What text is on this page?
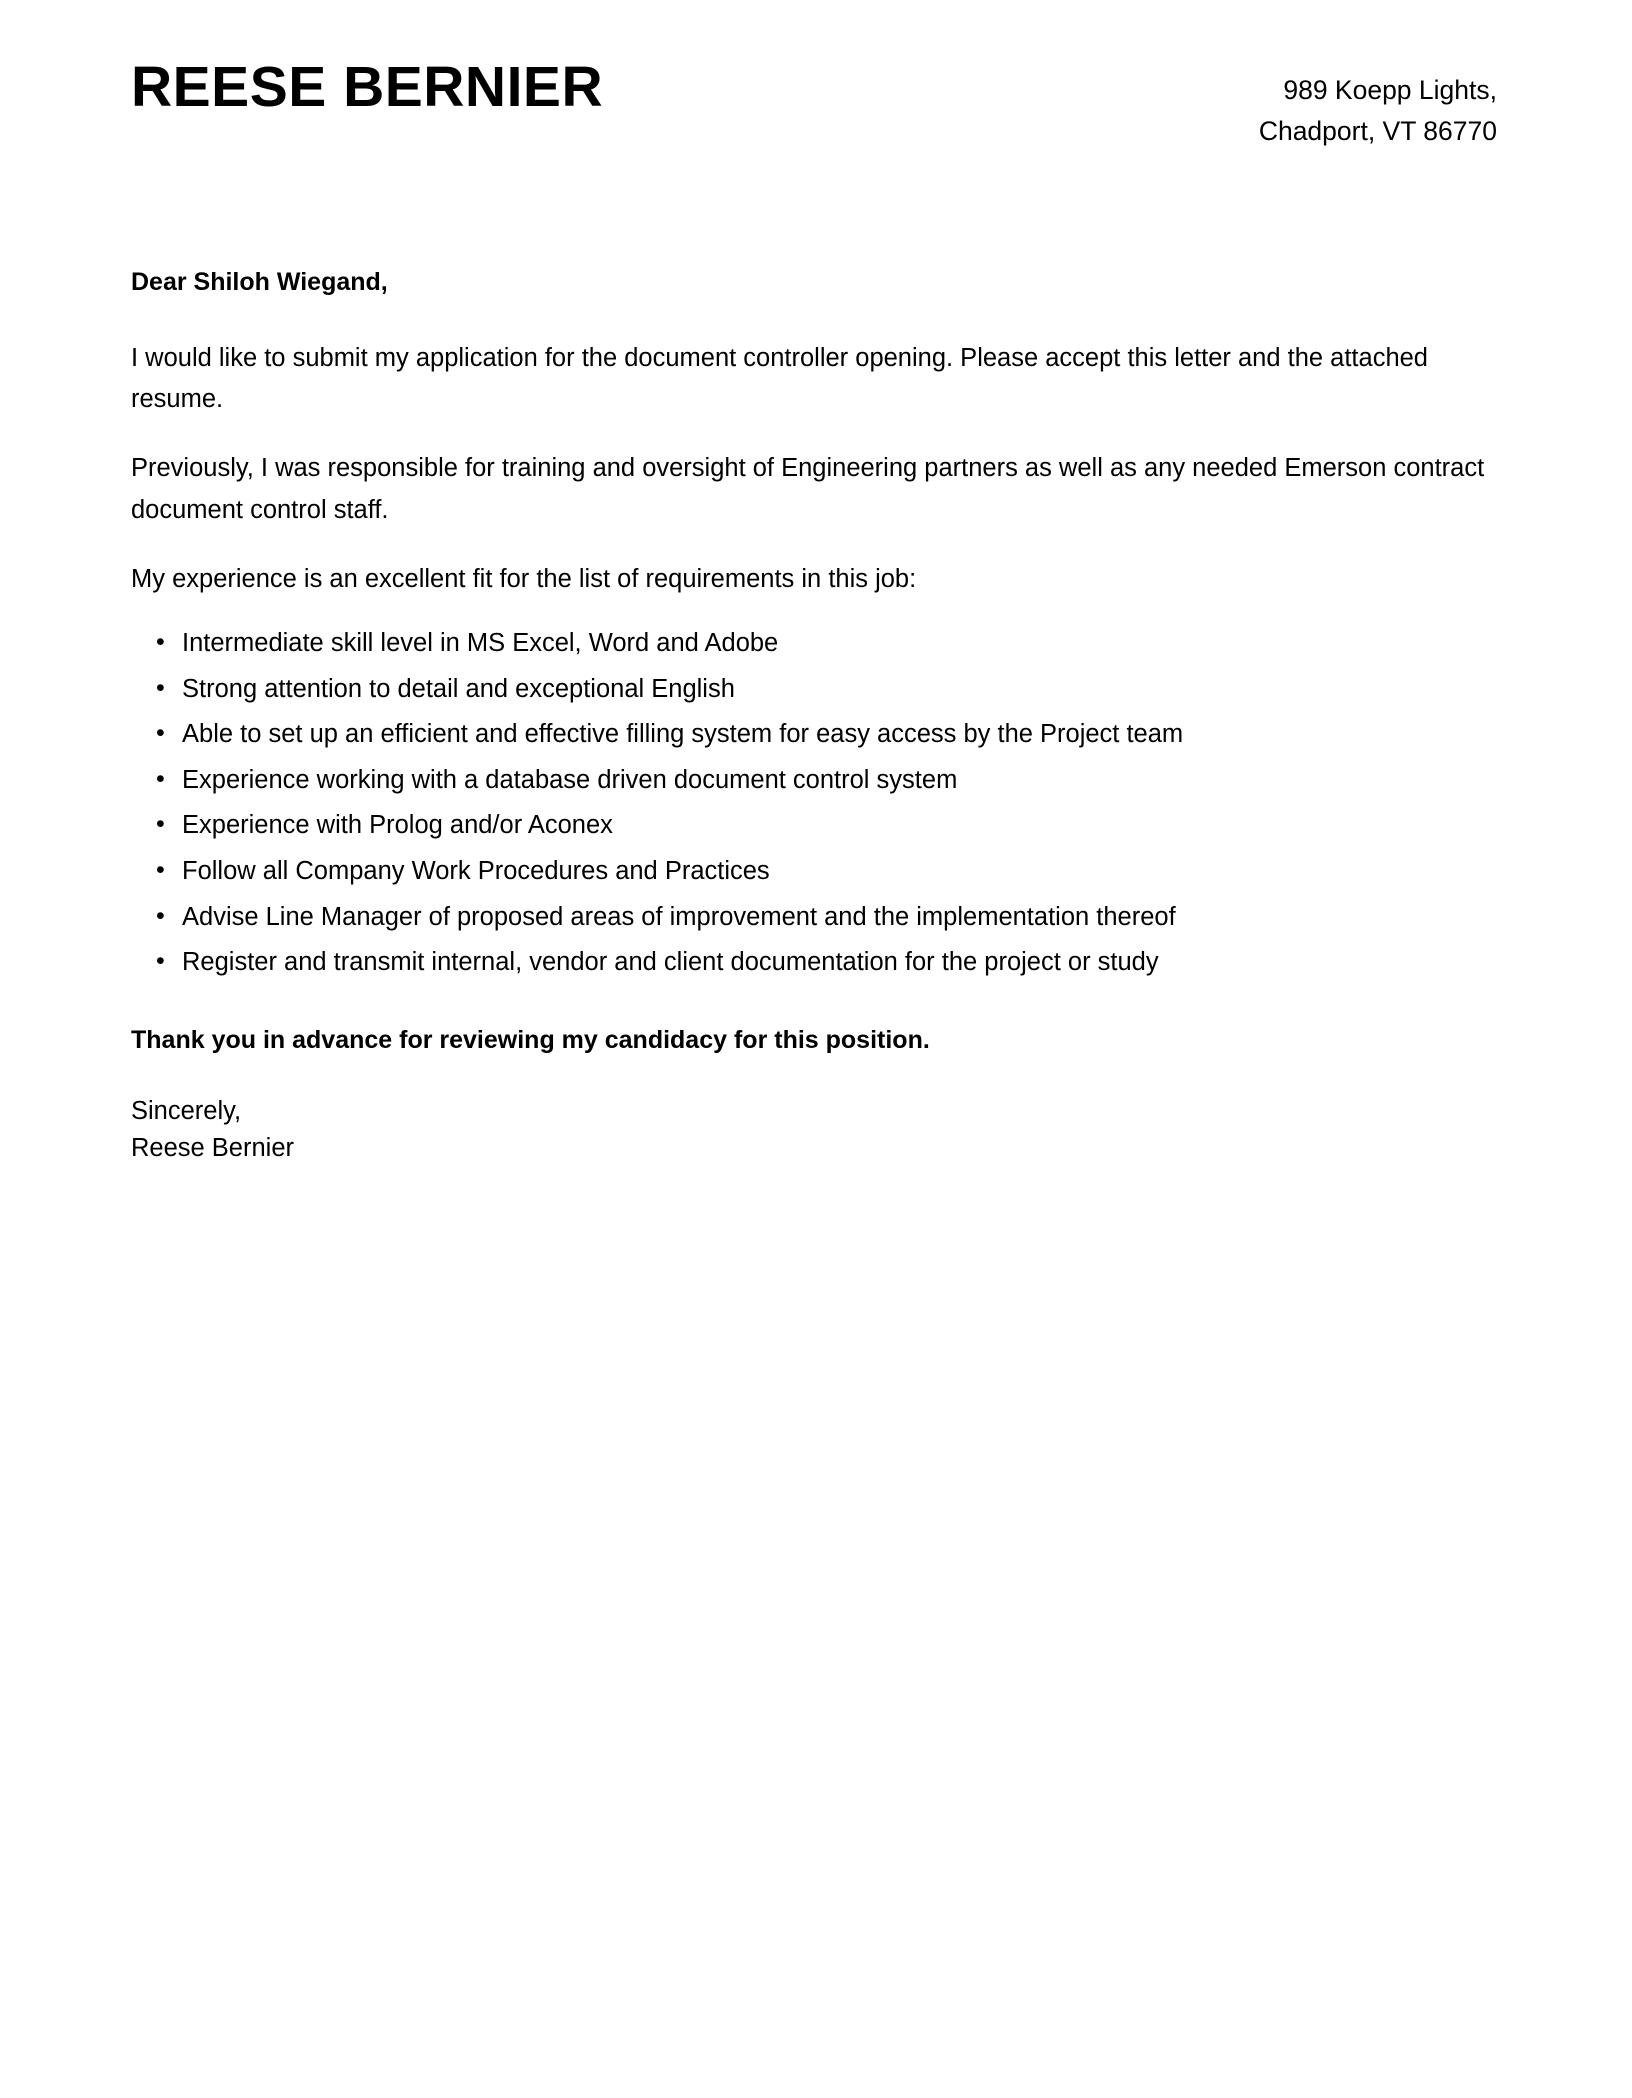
REESE BERNIER	989 Koepp Lights,
Chadport, VT 86770

Dear Shiloh Wiegand,

I would like to submit my application for the document controller opening. Please accept this letter and the attached resume.

Previously, I was responsible for training and oversight of Engineering partners as well as any needed Emerson contract document control staff.

My experience is an excellent fit for the list of requirements in this job:

• Intermediate skill level in MS Excel, Word and Adobe
• Strong attention to detail and exceptional English
• Able to set up an efficient and effective filling system for easy access by the Project team
• Experience working with a database driven document control system
• Experience with Prolog and/or Aconex
• Follow all Company Work Procedures and Practices
• Advise Line Manager of proposed areas of improvement and the implementation thereof
• Register and transmit internal, vendor and client documentation for the project or study

Thank you in advance for reviewing my candidacy for this position.

Sincerely,
Reese Bernier
